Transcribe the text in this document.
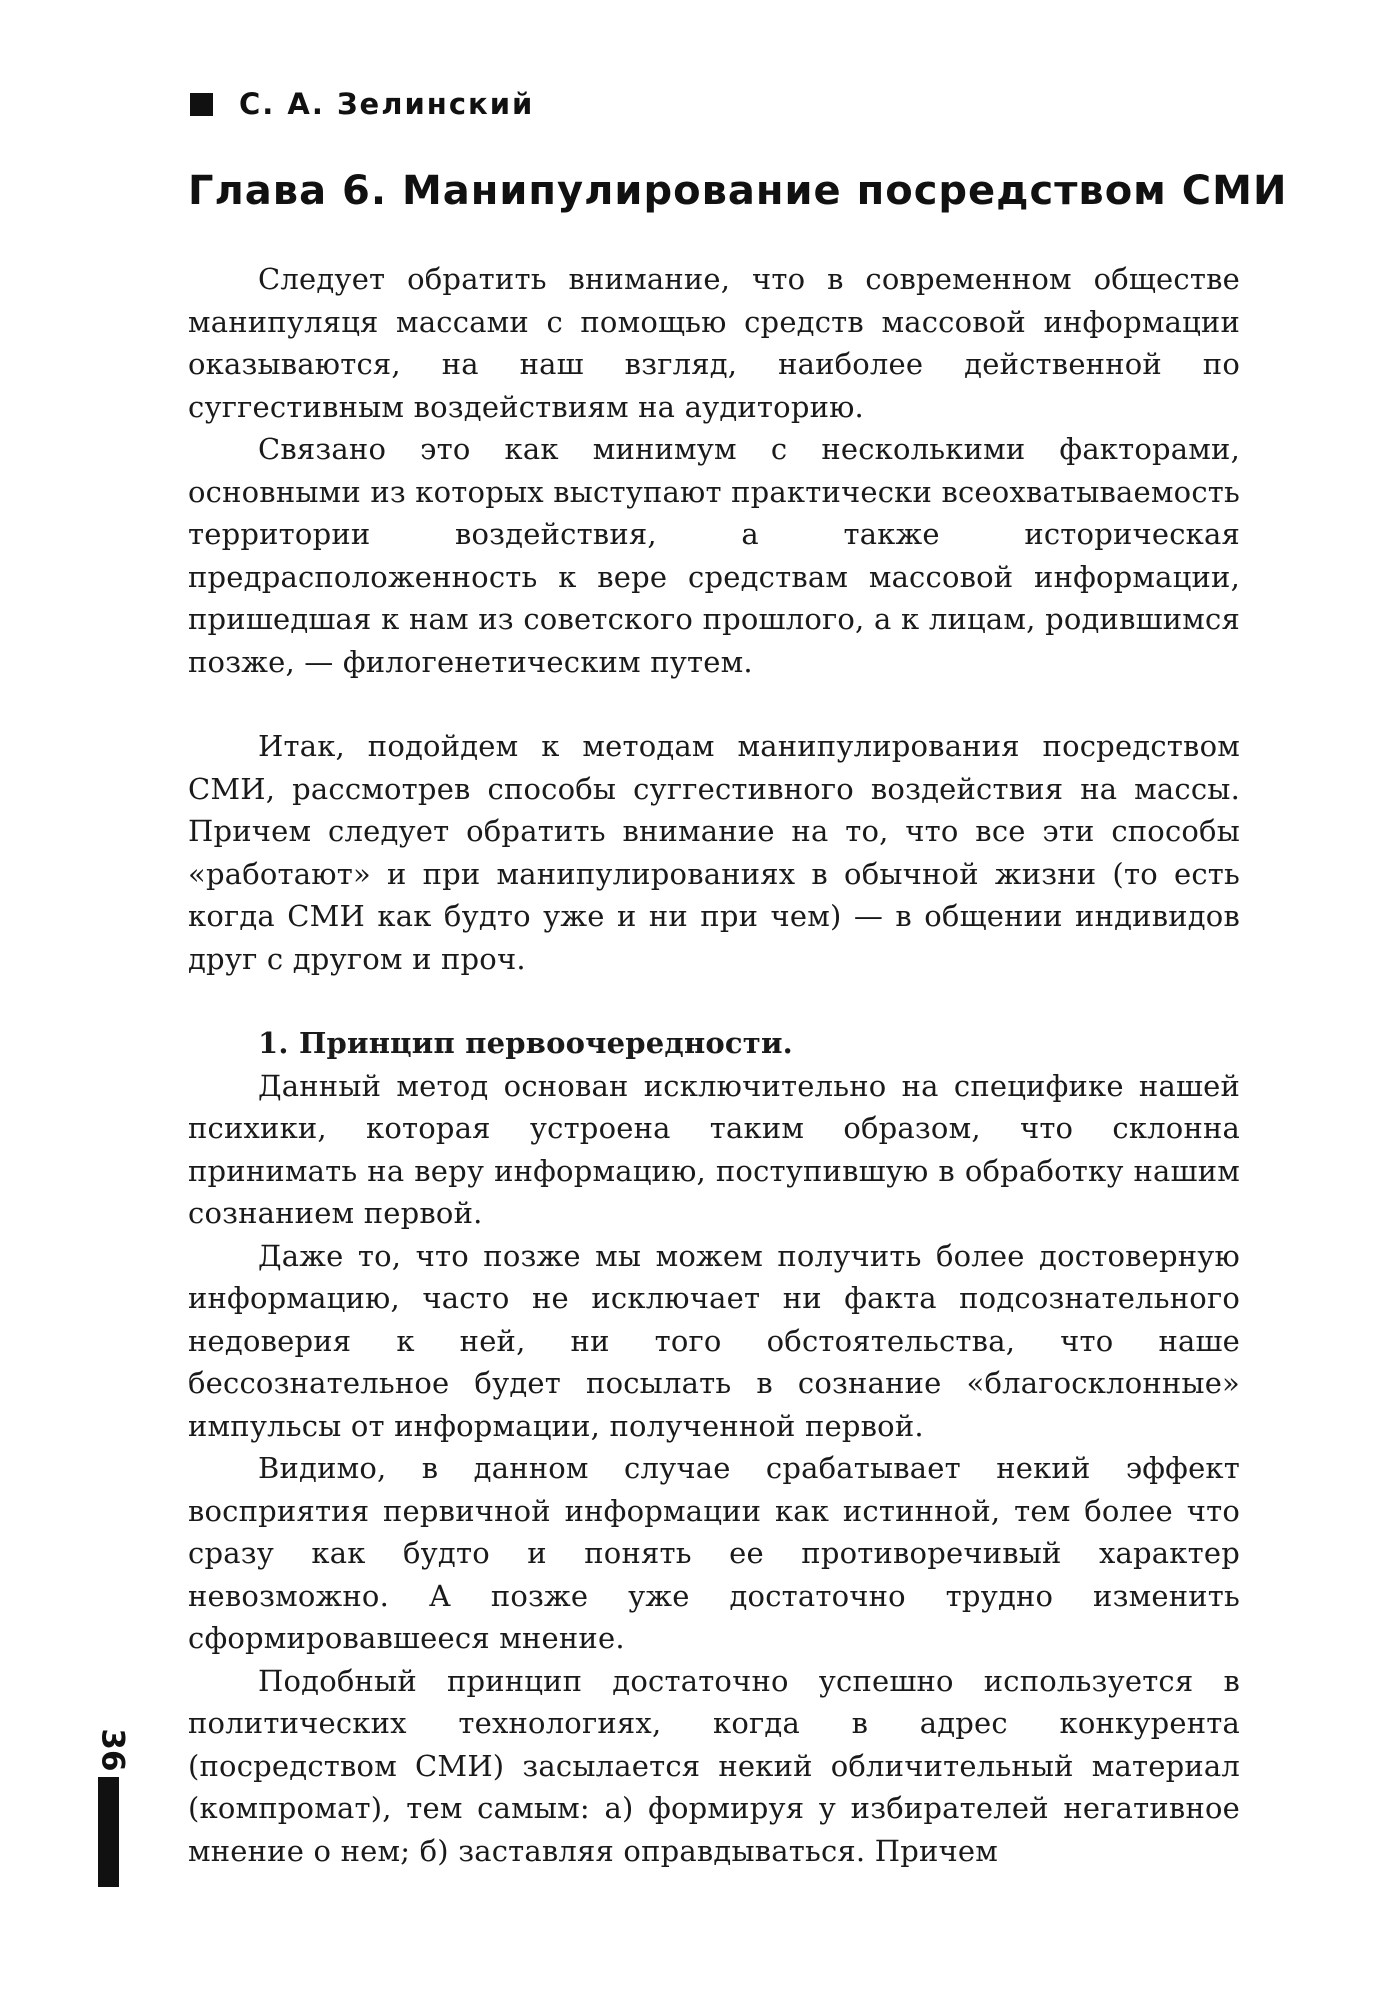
С. А. Зелинский
Глава 6. Манипулирование посредством СМИ

Следует обратить внимание, что в современном обществе манипуляця массами с помощью средств массовой информации оказываются, на наш взгляд, наиболее действенной по суггестивным воздействиям на аудиторию.

Связано это как минимум с несколькими факторами, основными из которых выступают практически всеохватываемость территории воздействия, а также историческая предрасположенность к вере средствам массовой информации, пришедшая к нам из советского прошлого, а к лицам, родившимся позже, — филогенетическим путем.

Итак, подойдем к методам манипулирования посредством СМИ, рассмотрев способы суггестивного воздействия на массы. Причем следует обратить внимание на то, что все эти способы «работают» и при манипулированиях в обычной жизни (то есть когда СМИ как будто уже и ни при чем) — в общении индивидов друг с другом и проч.

1. Принцип первоочередности.

Данный метод основан исключительно на специфике нашей психики, которая устроена таким образом, что склонна принимать на веру информацию, поступившую в обработку нашим сознанием первой.

Даже то, что позже мы можем получить более достоверную информацию, часто не исключает ни факта подсознательного недоверия к ней, ни того обстоятельства, что наше бессознательное будет посылать в сознание «благосклонные» импульсы от информации, полученной первой.

Видимо, в данном случае срабатывает некий эффект восприятия первичной информации как истинной, тем более что сразу как будто и понять ее противоречивый характер невозможно. А позже уже достаточно трудно изменить сформировавшееся мнение.

Подобный принцип достаточно успешно используется в политических технологиях, когда в адрес конкурента (посредством СМИ) засылается некий обличительный материал (компромат), тем самым: а) формируя у избирателей негативное мнение о нем; б) заставляя оправдываться. Причем

36
